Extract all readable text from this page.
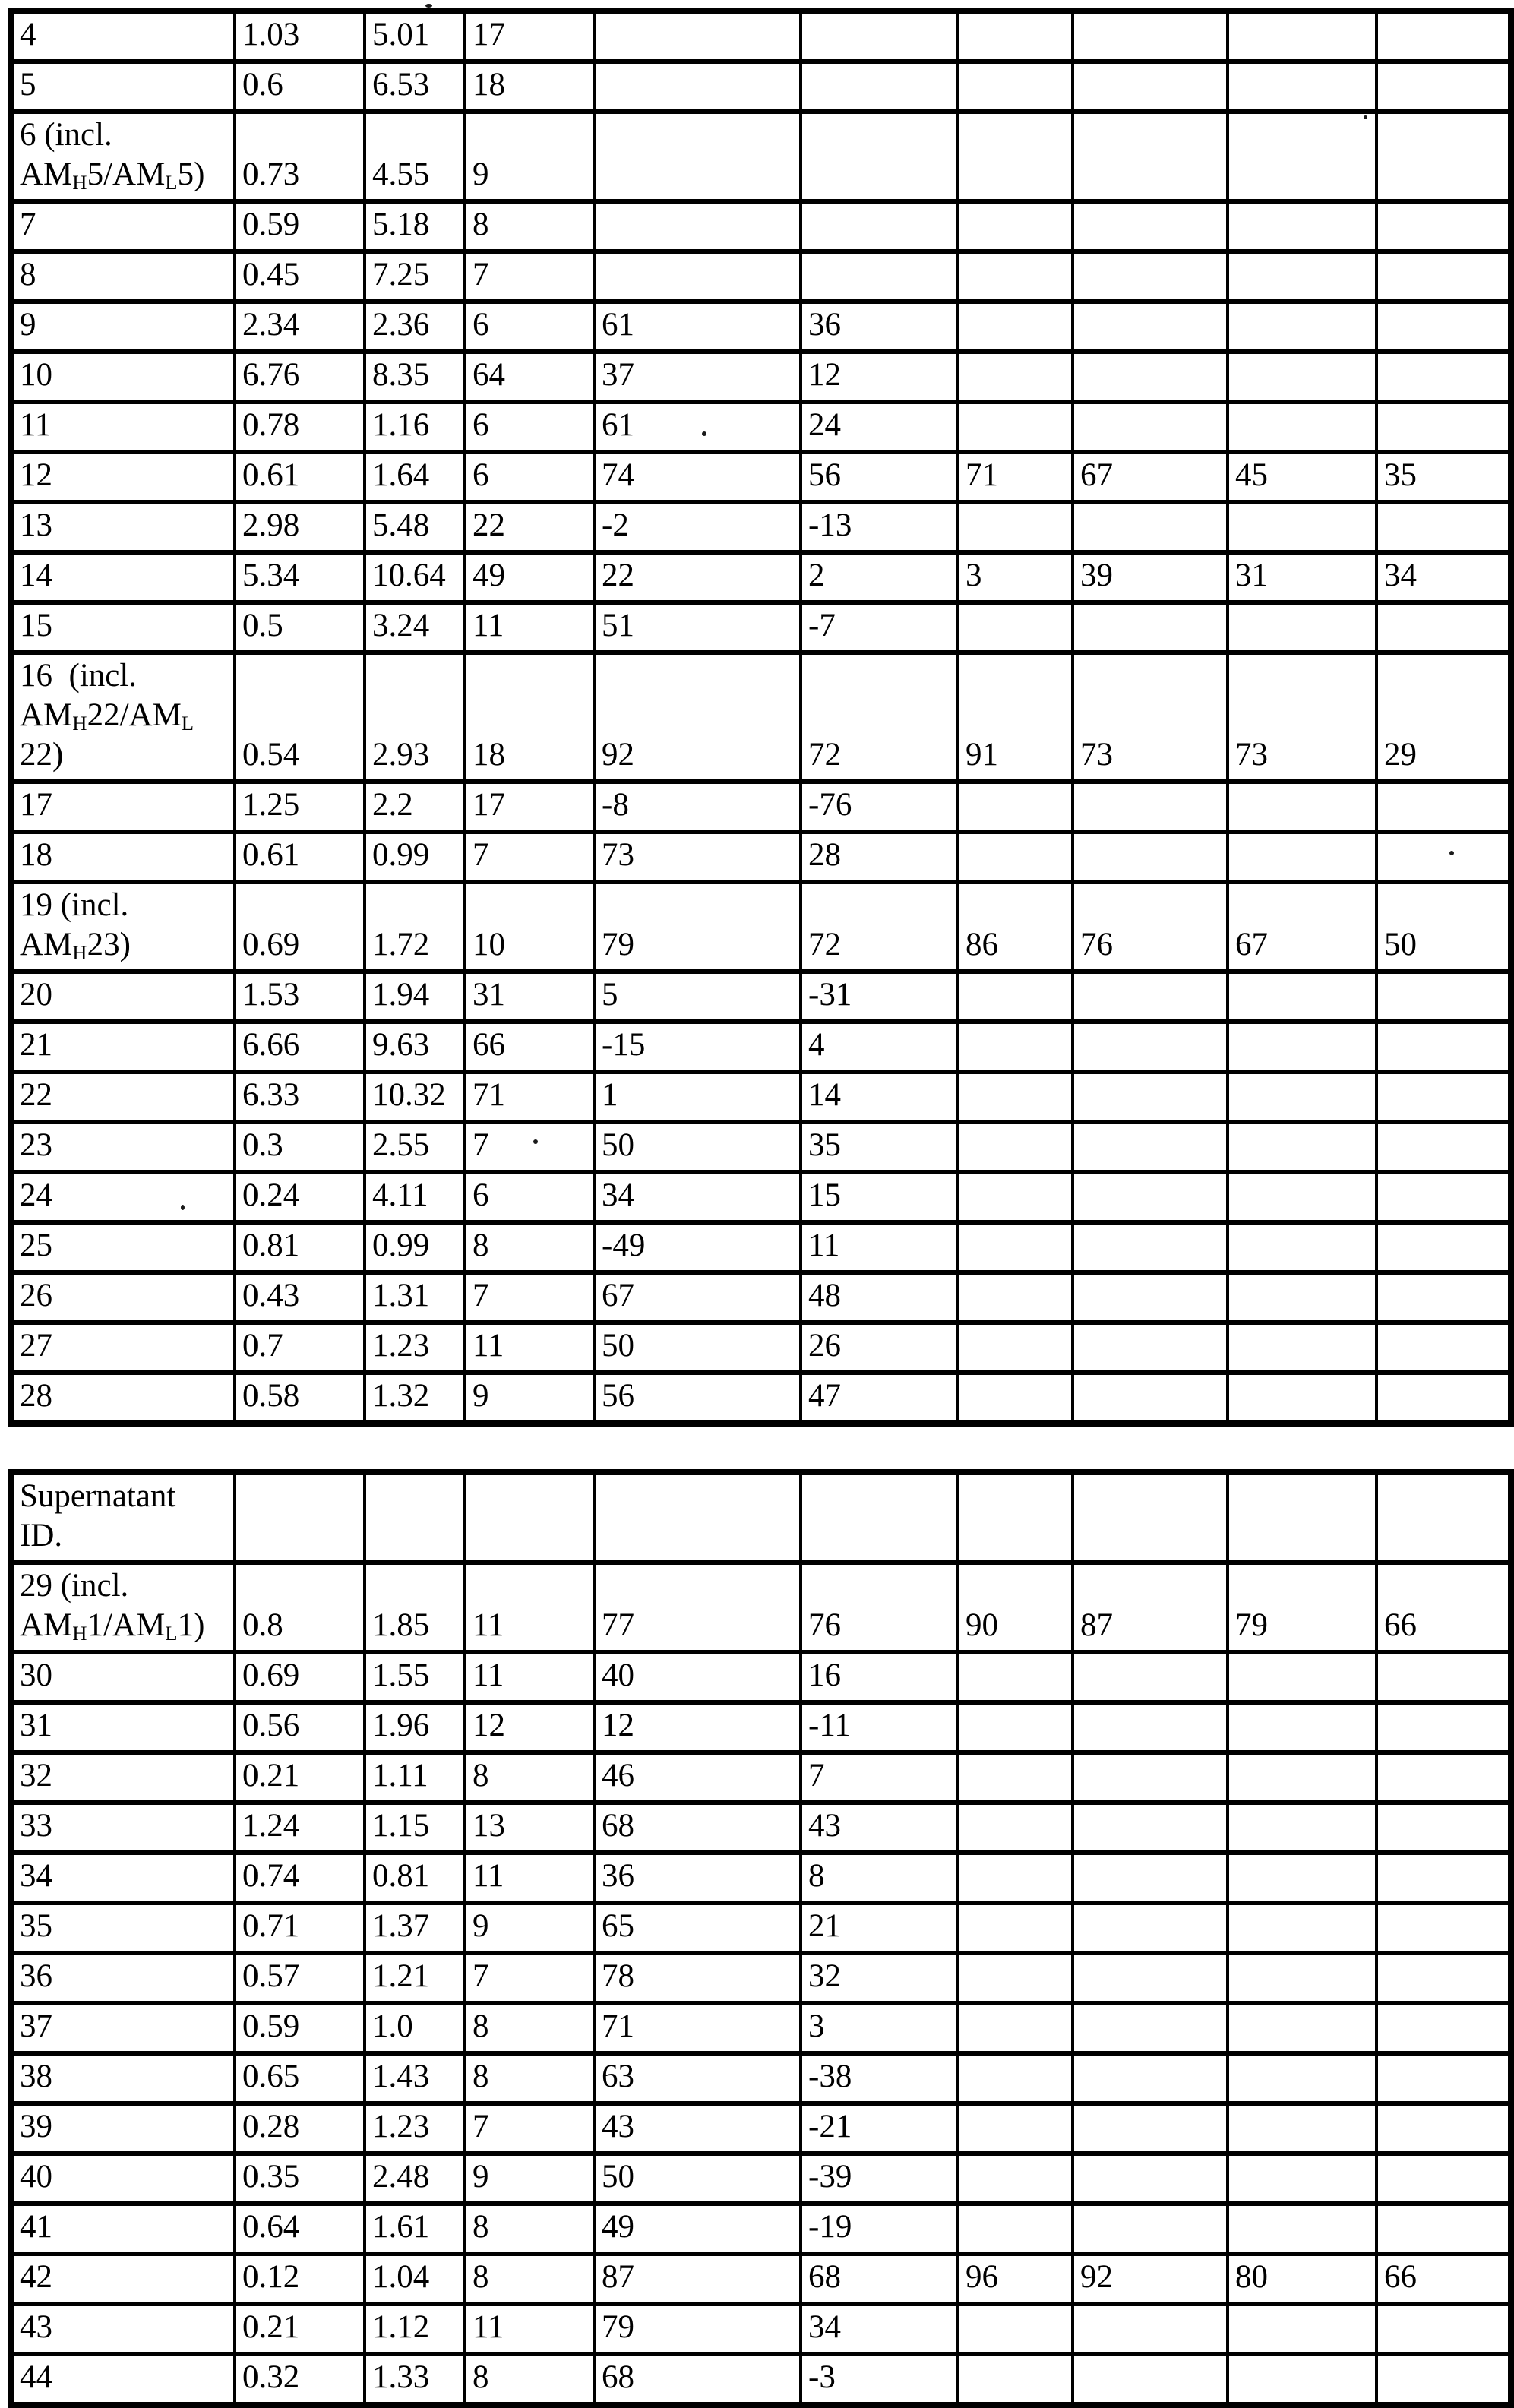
4	1.03	5.01	17						
5	0.6	6.53	18						
6 (incl.
$AM_H5/AM_L5$)	0.73	4.55	9						
7	0.59	5.18	8						
8	0.45	7.25	7						
9	2.34	2.36	6	61	36				
10	6.76	8.35	64	37	12				
11	0.78	1.16	6	61	24				
12	0.61	1.64	6	74	56	71	67	45	35
13	2.98	5.48	22	-2	-13				
14	5.34	10.64	49	22	2	3	39	31	34
15	0.5	3.24	11	51	-7				
16  (incl.
$AM_H22/AM_L$
22)	0.54	2.93	18	92	72	91	73	73	29
17	1.25	2.2	17	-8	-76				
18	0.61	0.99	7	73	28				
19 (incl.
$AM_H23$)	0.69	1.72	10	79	72	86	76	67	50
20	1.53	1.94	31	5	-31				
21	6.66	9.63	66	-15	4				
22	6.33	10.32	71	1	14				
23	0.3	2.55	7	50	35				
24	0.24	4.11	6	34	15				
25	0.81	0.99	8	-49	11				
26	0.43	1.31	7	67	48				
27	0.7	1.23	11	50	26				
28	0.58	1.32	9	56	47				
Supernatant
ID.									
29 (incl.
$AM_H1/AM_L1$)	0.8	1.85	11	77	76	90	87	79	66
30	0.69	1.55	11	40	16				
31	0.56	1.96	12	12	-11				
32	0.21	1.11	8	46	7				
33	1.24	1.15	13	68	43				
34	0.74	0.81	11	36	8				
35	0.71	1.37	9	65	21				
36	0.57	1.21	7	78	32				
37	0.59	1.0	8	71	3				
38	0.65	1.43	8	63	-38				
39	0.28	1.23	7	43	-21				
40	0.35	2.48	9	50	-39				
41	0.64	1.61	8	49	-19				
42	0.12	1.04	8	87	68	96	92	80	66
43	0.21	1.12	11	79	34				
44	0.32	1.33	8	68	-3				
